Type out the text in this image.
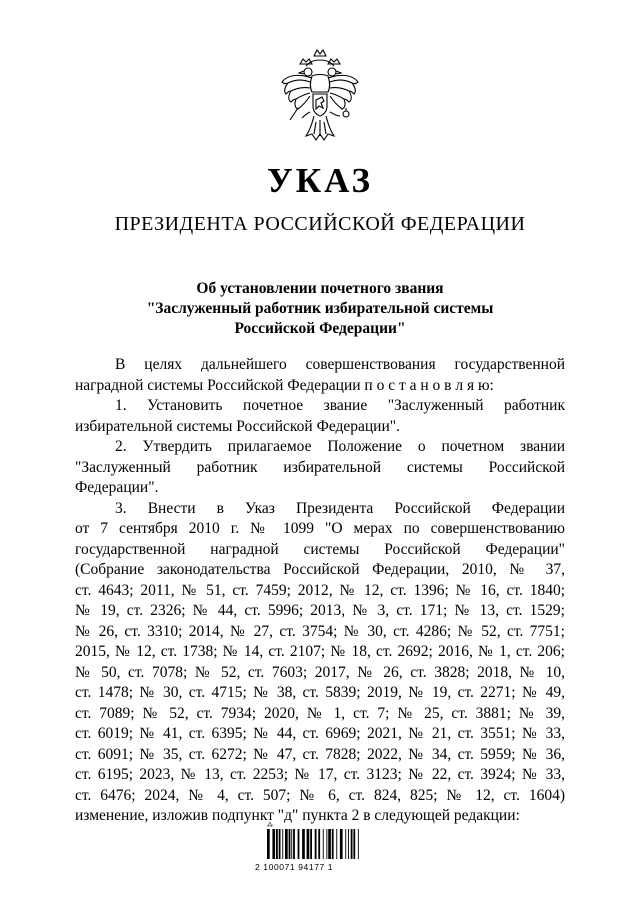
УКАЗ
ПРЕЗИДЕНТА РОССИЙСКОЙ ФЕДЕРАЦИИ
Об установлении почетного звания
"Заслуженный работник избирательной системы
Российской Федерации"
В целях дальнейшего совершенствования государственной
наградной системы Российской Федерации п о с т а н о в л я ю:
1. Установить почетное звание "Заслуженный работник
избирательной системы Российской Федерации".
2. Утвердить прилагаемое Положение о почетном звании
"Заслуженный работник избирательной системы Российской
Федерации".
3. Внести в Указ Президента Российской Федерации
от 7 сентября 2010 г. № 1099 "О мерах по совершенствованию
государственной наградной системы Российской Федерации"
(Собрание законодательства Российской Федерации, 2010, № 37,
ст. 4643; 2011, № 51, ст. 7459; 2012, № 12, ст. 1396; № 16, ст. 1840;
№ 19, ст. 2326; № 44, ст. 5996; 2013, № 3, ст. 171; № 13, ст. 1529;
№ 26, ст. 3310; 2014, № 27, ст. 3754; № 30, ст. 4286; № 52, ст. 7751;
2015, № 12, ст. 1738; № 14, ст. 2107; № 18, ст. 2692; 2016, № 1, ст. 206;
№ 50, ст. 7078; № 52, ст. 7603; 2017, № 26, ст. 3828; 2018, № 10,
ст. 1478; № 30, ст. 4715; № 38, ст. 5839; 2019, № 19, ст. 2271; № 49,
ст. 7089; № 52, ст. 7934; 2020, № 1, ст. 7; № 25, ст. 3881; № 39,
ст. 6019; № 41, ст. 6395; № 44, ст. 6969; 2021, № 21, ст. 3551; № 33,
ст. 6091; № 35, ст. 6272; № 47, ст. 7828; 2022, № 34, ст. 5959; № 36,
ст. 6195; 2023, № 13, ст. 2253; № 17, ст. 3123; № 22, ст. 3924; № 33,
ст. 6476; 2024, № 4, ст. 507; № 6, ст. 824, 825; № 12, ст. 1604)
изменение, изложив подпункт "д" пункта 2 в следующей редакции:
⁂
2 100071 94177 1
